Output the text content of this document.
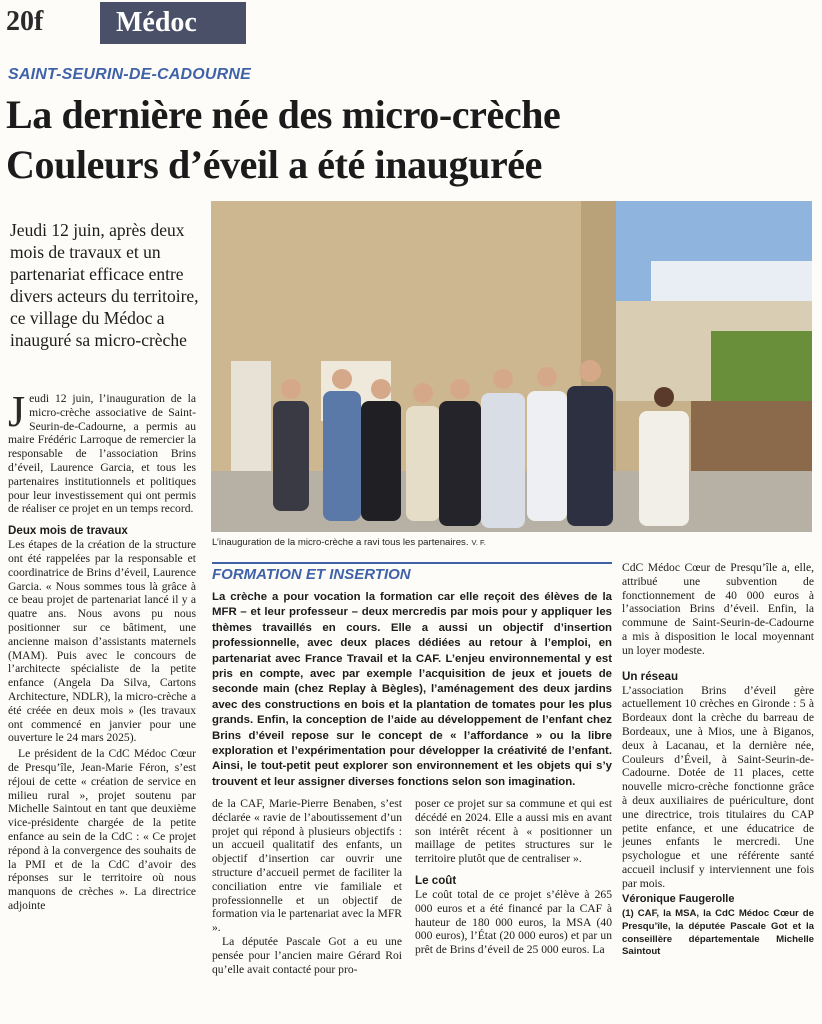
20f	Médoc
SAINT-SEURIN-DE-CADOURNE
La dernière née des micro-crèche
Couleurs d’éveil a été inaugurée
Jeudi 12 juin, après deux mois de travaux et un partenariat efficace entre divers acteurs du territoire, ce village du Médoc a inauguré sa micro-crèche

Jeudi 12 juin, l’inauguration de la micro-crèche associative de Saint-Seurin-de-Cadourne, a permis au maire Frédéric Larroque de remercier la responsable de l’association Brins d’éveil, Laurence Garcia, et tous les partenaires institutionnels et politiques pour leur investissement qui ont permis de réaliser ce projet en un temps record.

Deux mois de travaux

Les étapes de la création de la structure ont été rappelées par la responsable et coordinatrice de Brins d’éveil, Laurence Garcia. « Nous sommes tous là grâce à ce beau projet de partenariat lancé il y a quatre ans. Nous avons pu nous positionner sur ce bâtiment, une ancienne maison d’assistants maternels (MAM). Puis avec le concours de l’architecte spécialiste de la petite enfance (Angela Da Silva, Cartons Architecture, NDLR), la micro-crèche a été créée en deux mois » (les travaux ont commencé en janvier pour une ouverture le 24 mars 2025).

Le président de la CdC Médoc Cœur de Presqu’île, Jean-Marie Féron, s’est réjoui de cette « création de service en milieu rural », projet soutenu par Michelle Saintout en tant que deuxième vice-présidente chargée de la petite enfance au sein de la CdC : « Ce projet répond à la convergence des souhaits de la PMI et de la CdC d’avoir des réponses sur le territoire où nous manquons de crèches ». La directrice adjointe

L’inauguration de la micro-crèche a ravi tous les partenaires. V. F.
FORMATION ET INSERTION
La crèche a pour vocation la formation car elle reçoit des élèves de la MFR – et leur professeur – deux mercredis par mois pour y appliquer les thèmes travaillés en cours. Elle a aussi un objectif d’insertion professionnelle, avec deux places dédiées au retour à l’emploi, en partenariat avec France Travail et la CAF. L’enjeu environnemental y est pris en compte, avec par exemple l’acquisition de jeux et jouets de seconde main (chez Replay à Bègles), l’aménagement des deux jardins avec des constructions en bois et la plantation de tomates pour les plus grands. Enfin, la conception de l’aide au développement de l’enfant chez Brins d’éveil repose sur le concept de « l’affordance » ou la libre exploration et l’expérimentation pour développer la créativité de l’enfant. Ainsi, le tout-petit peut explorer son environnement et les objets qui s’y trouvent et leur assigner diverses fonctions selon son imagination.

de la CAF, Marie-Pierre Benaben, s’est déclarée « ravie de l’aboutissement d’un projet qui répond à plusieurs objectifs : un accueil qualitatif des enfants, un objectif d’insertion car ouvrir une structure d’accueil permet de faciliter la conciliation entre vie familiale et professionnelle et un objectif de formation via le partenariat avec la MFR ».

La députée Pascale Got a eu une pensée pour l’ancien maire Gérard Roi qu’elle avait contacté pour pro-

poser ce projet sur sa commune et qui est décédé en 2024. Elle a aussi mis en avant son intérêt récent à « positionner un maillage de petites structures sur le territoire plutôt que de centraliser ».

Le coût

Le coût total de ce projet s’élève à 265 000 euros et a été financé par la CAF à hauteur de 180 000 euros, la MSA (40 000 euros), l’État (20 000 euros) et par un prêt de Brins d’éveil de 25 000 euros. La

CdC Médoc Cœur de Presqu’île a, elle, attribué une subvention de fonctionnement de 40 000 euros à l’association Brins d’éveil. Enfin, la commune de Saint-Seurin-de-Cadourne a mis à disposition le local moyennant un loyer modeste.

Un réseau

L’association Brins d’éveil gère actuellement 10 crèches en Gironde : 5 à Bordeaux dont la crèche du barreau de Bordeaux, une à Mios, une à Biganos, deux à Lacanau, et la dernière née, Couleurs d’Éveil, à Saint-Seurin-de-Cadourne. Dotée de 11 places, cette nouvelle micro-crèche fonctionne grâce à deux auxiliaires de puériculture, dont une directrice, trois titulaires du CAP petite enfance, et une éducatrice de jeunes enfants le mercredi. Une psychologue et une référente santé accueil inclusif y interviennent une fois par mois.

Véronique Faugerolle
(1) CAF, la MSA, la CdC Médoc Cœur de Presqu’île, la députée Pascale Got et la conseillère départementale Michelle Saintout
